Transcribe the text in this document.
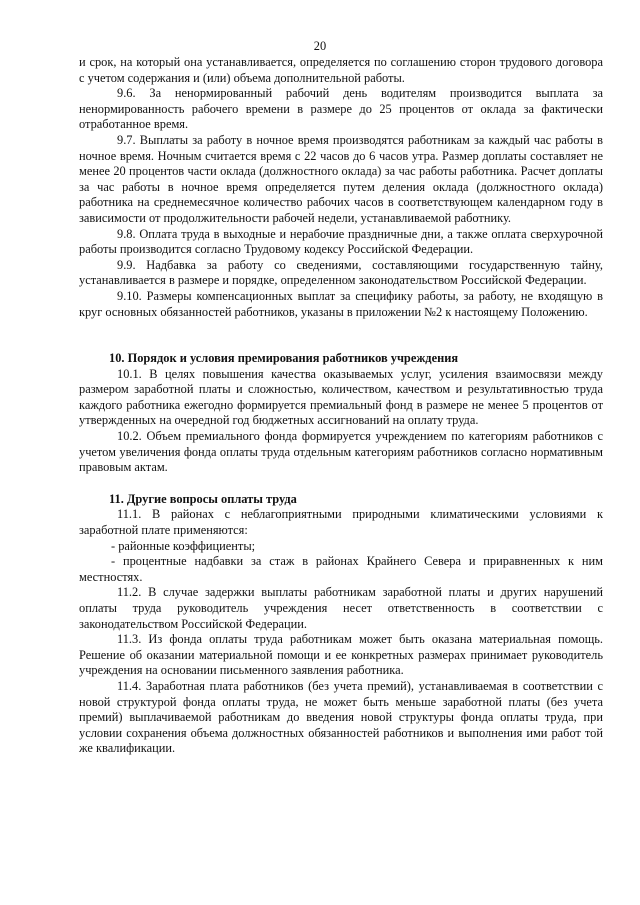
20

и срок, на который она устанавливается, определяется по соглашению сторон трудового договора с учетом содержания и (или) объема дополнительной работы.

9.6. За ненормированный рабочий день водителям производится выплата за ненормированность рабочего времени в размере до 25 процентов от оклада за фактически отработанное время.

9.7. Выплаты за работу в ночное время производятся работникам за каждый час работы в ночное время. Ночным считается время с 22 часов до 6 часов утра. Размер доплаты составляет не менее 20 процентов части оклада (должностного оклада) за час работы работника. Расчет доплаты за час работы в ночное время определяется путем деления оклада (должностного оклада) работника на среднемесячное количество рабочих часов в соответствующем календарном году в зависимости от продолжительности рабочей недели, устанавливаемой работнику.

9.8. Оплата труда в выходные и нерабочие праздничные дни, а также оплата сверхурочной работы производится согласно Трудовому кодексу Российской Федерации.

9.9. Надбавка за работу со сведениями, составляющими государственную тайну, устанавливается в размере и порядке, определенном законодательством Российской Федерации.

9.10. Размеры компенсационных выплат за специфику работы, за работу, не входящую в круг основных обязанностей работников, указаны в приложении №2 к настоящему Положению.

10. Порядок и условия премирования работников учреждения

10.1. В целях повышения качества оказываемых услуг, усиления взаимосвязи между размером заработной платы и сложностью, количеством, качеством и результативностью труда каждого работника ежегодно формируется премиальный фонд в размере не менее 5 процентов от утвержденных на очередной год бюджетных ассигнований на оплату труда.

10.2. Объем премиального фонда формируется учреждением по категориям работников с учетом увеличения фонда оплаты труда отдельным категориям работников согласно нормативным правовым актам.

11. Другие вопросы оплаты труда

11.1. В районах с неблагоприятными природными климатическими условиями к заработной плате применяются:

- районные коэффициенты;

- процентные надбавки за стаж в районах Крайнего Севера и приравненных к ним местностях.

11.2. В случае задержки выплаты работникам заработной платы и других нарушений оплаты труда руководитель учреждения несет ответственность в соответствии с законодательством Российской Федерации.

11.3. Из фонда оплаты труда работникам может быть оказана материальная помощь. Решение об оказании материальной помощи и ее конкретных размерах принимает руководитель учреждения на основании письменного заявления работника.

11.4. Заработная плата работников (без учета премий), устанавливаемая в соответствии с новой структурой фонда оплаты труда, не может быть меньше заработной платы (без учета премий) выплачиваемой работникам до введения новой структуры фонда оплаты труда, при условии сохранения объема должностных обязанностей работников и выполнения ими работ той же квалификации.
